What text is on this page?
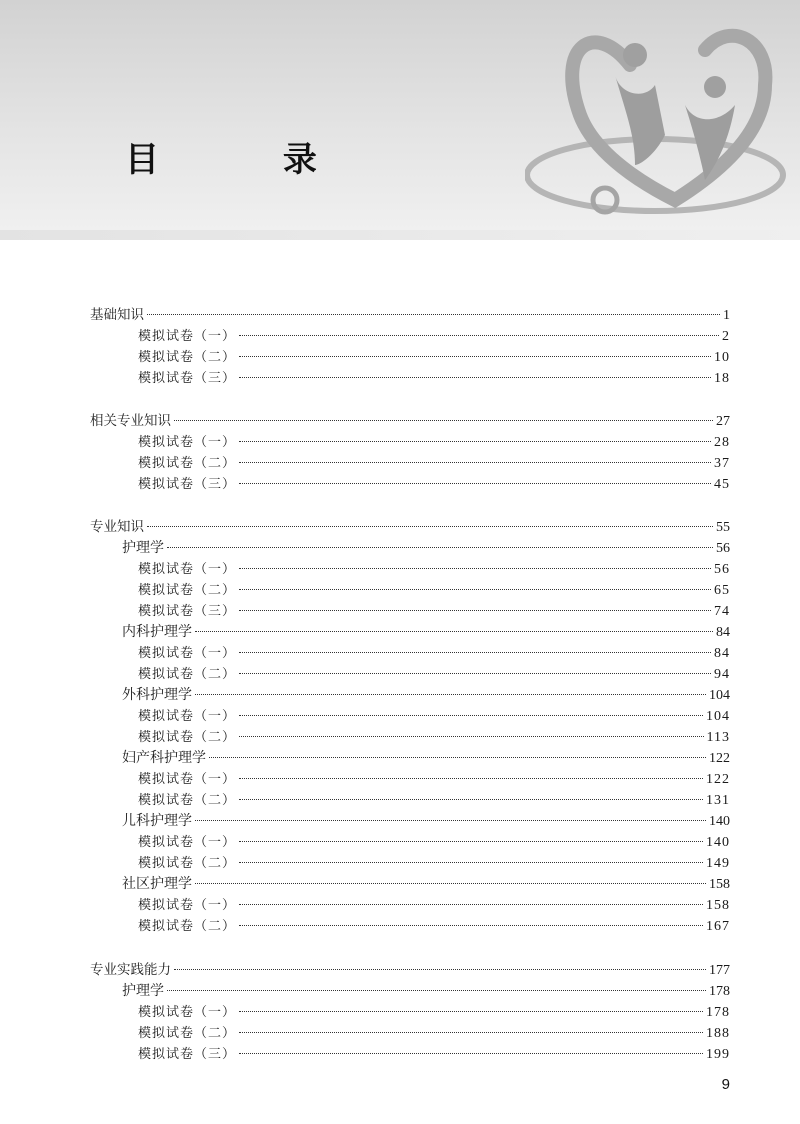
目 录
基础知识	1
模拟试卷（一）	2
模拟试卷（二）	10
模拟试卷（三）	18
相关专业知识	27
模拟试卷（一）	28
模拟试卷（二）	37
模拟试卷（三）	45
专业知识	55
护理学	56
模拟试卷（一）	56
模拟试卷（二）	65
模拟试卷（三）	74
内科护理学	84
模拟试卷（一）	84
模拟试卷（二）	94
外科护理学	104
模拟试卷（一）	104
模拟试卷（二）	113
妇产科护理学	122
模拟试卷（一）	122
模拟试卷（二）	131
儿科护理学	140
模拟试卷（一）	140
模拟试卷（二）	149
社区护理学	158
模拟试卷（一）	158
模拟试卷（二）	167
专业实践能力	177
护理学	178
模拟试卷（一）	178
模拟试卷（二）	188
模拟试卷（三）	199
9
